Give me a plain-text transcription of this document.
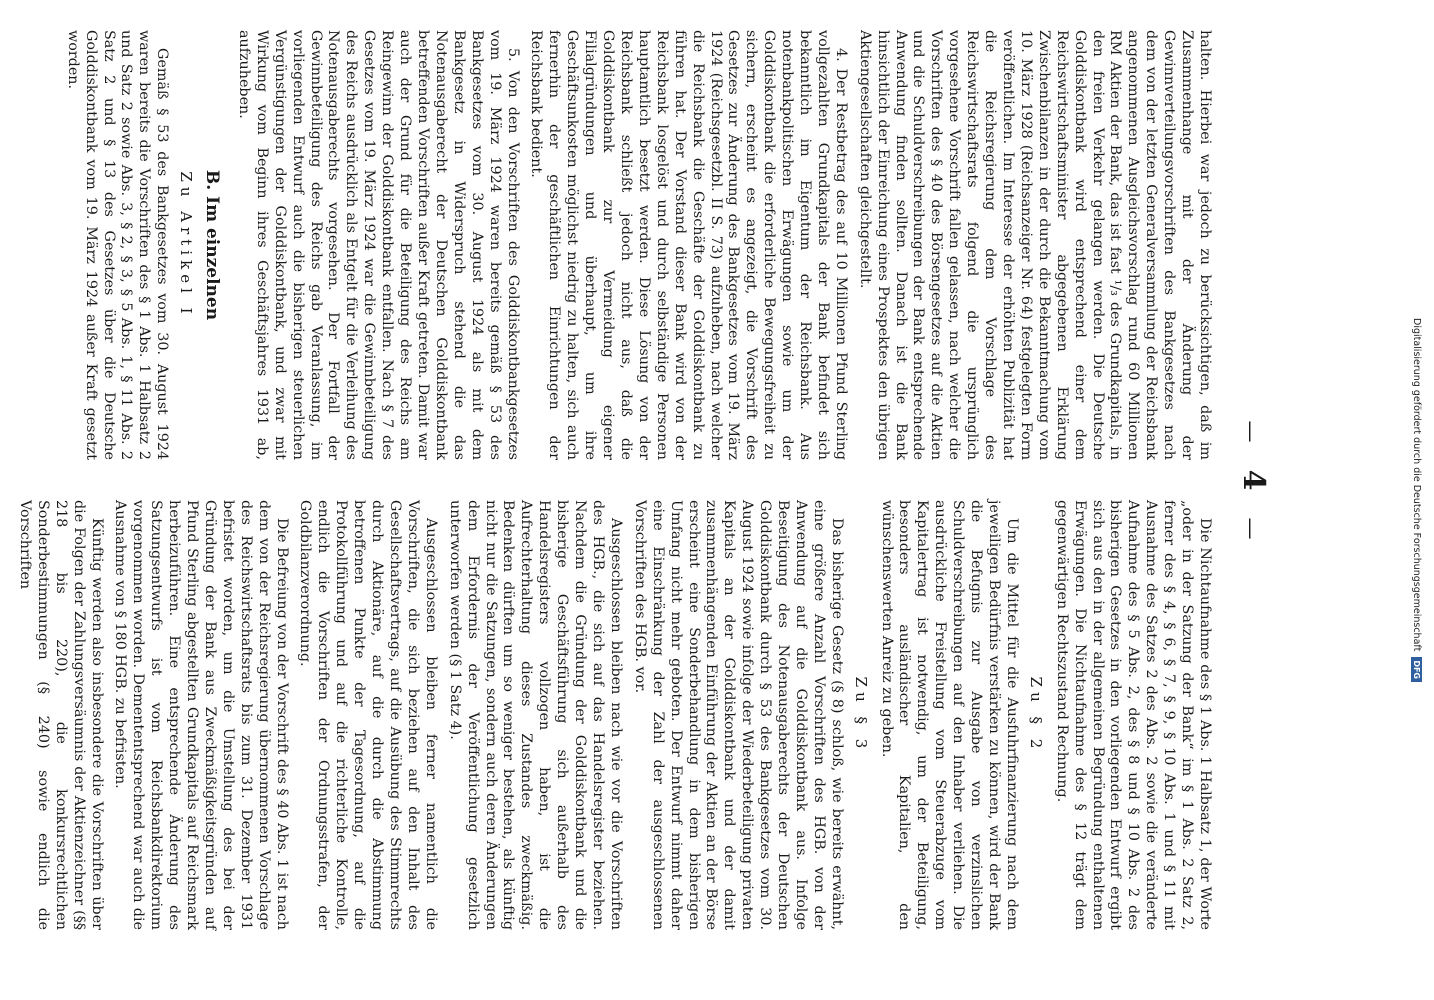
— 4 —

halten. Hierbei war jedoch zu berücksichtigen, daß im Zusammenhange mit der Änderung der Gewinnverteilungsvorschriften des Bankgesetzes nach dem von der letzten Generalversammlung der Reichsbank angenommenen Ausgleichsvorschlag rund 60 Millionen RM Aktien der Bank, das ist fast ¹/₃ des Grundkapitals, in den freien Verkehr gelangen werden. Die Deutsche Golddiskontbank wird entsprechend einer dem Reichswirtschaftsminister abgegebenen Erklärung Zwischenbilanzen in der durch die Bekanntmachung vom 10. März 1928 (Reichsanzeiger Nr. 64) festgelegten Form veröffentlichen. Im Interesse der erhöhten Publizität hat die Reichsregierung dem Vorschlage des Reichswirtschaftsrats folgend die ursprünglich vorgesehene Vorschrift fallen gelassen, nach welcher die Vorschriften des § 40 des Börsengesetzes auf die Aktien und die Schuldverschreibungen der Bank entsprechende Anwendung finden sollten. Danach ist die Bank hinsichtlich der Einreichung eines Prospektes den übrigen Aktiengesellschaften gleichgestellt.

4. Der Restbetrag des auf 10 Millionen Pfund Sterling vollgezahlten Grundkapitals der Bank befindet sich bekanntlich im Eigentum der Reichsbank. Aus notenbankpolitischen Erwägungen sowie um der Golddiskontbank die erforderliche Bewegungsfreiheit zu sichern, erscheint es angezeigt, die Vorschrift des Gesetzes zur Änderung des Bankgesetzes vom 19. März 1924 (Reichsgesetzbl. II S. 73) aufzuheben, nach welcher die Reichsbank die Geschäfte der Golddiskontbank zu führen hat. Der Vorstand dieser Bank wird von der Reichsbank losgelöst und durch selbständige Personen hauptamtlich besetzt werden. Diese Lösung von der Reichsbank schließt jedoch nicht aus, daß die Golddiskontbank zur Vermeidung eigener Filialgründungen und überhaupt, um ihre Geschäftsunkosten möglichst niedrig zu halten, sich auch fernerhin der geschäftlichen Einrichtungen der Reichsbank bedient.

5. Von den Vorschriften des Golddiskontbankgesetzes vom 19. März 1924 waren bereits gemäß § 53 des Bankgesetzes vom 30. August 1924 als mit dem Bankgesetz in Widerspruch stehend die das Notenausgaberecht der Deutschen Golddiskontbank betreffenden Vorschriften außer Kraft getreten. Damit war auch der Grund für die Beteiligung des Reichs am Reingewinn der Golddiskontbank entfallen. Nach § 7 des Gesetzes vom 19. März 1924 war die Gewinnbeteiligung des Reichs ausdrücklich als Entgelt für die Verleihung des Notenausgaberechts vorgesehen. Der Fortfall der Gewinnbeteiligung des Reichs gab Veranlassung, im vorliegenden Entwurf auch die bisherigen steuerlichen Vergünstigungen der Golddiskontbank, und zwar mit Wirkung vom Beginn ihres Geschäftsjahres 1931 ab, aufzuheben.

B. Im einzelnen
Zu Artikel I

Gemäß § 53 des Bankgesetzes vom 30. August 1924 waren bereits die Vorschriften des § 1 Abs. 1 Halbsatz 2 und Satz 2 sowie Abs. 3, § 2, § 3, § 5 Abs. 1, § 11 Abs. 2 Satz 2 und § 13 des Gesetzes über die Deutsche Golddiskontbank vom 19. März 1924 außer Kraft gesetzt worden.

Die Nichtaufnahme des § 1 Abs. 1 Halbsatz 1, der Worte „oder in der Satzung der Bank“ im § 1 Abs. 2 Satz 2, ferner des § 4, § 6, § 7, § 9, § 10 Abs. 1 und § 11 mit Ausnahme des Satzes 2 des Abs. 2 sowie die veränderte Aufnahme des § 5 Abs. 2, des § 8 und § 10 Abs. 2 des bisherigen Gesetzes in den vorliegenden Entwurf ergibt sich aus den in der allgemeinen Begründung enthaltenen Erwägungen. Die Nichtaufnahme des § 12 trägt dem gegenwärtigen Rechtszustand Rechnung.

Zu § 2

Um die Mittel für die Ausfuhrfinanzierung nach dem jeweiligen Bedürfnis verstärken zu können, wird der Bank die Befugnis zur Ausgabe von verzinslichen Schuldverschreibungen auf den Inhaber verliehen. Die ausdrückliche Freistellung vom Steuerabzuge vom Kapitalertrag ist notwendig, um der Beteiligung, besonders ausländischer Kapitalien, den wünschenswerten Anreiz zu geben.

Zu § 3

Das bisherige Gesetz (§ 8) schloß, wie bereits erwähnt, eine größere Anzahl Vorschriften des HGB. von der Anwendung auf die Golddiskontbank aus. Infolge Beseitigung des Notenausgaberechts der Deutschen Golddiskontbank durch § 53 des Bankgesetzes vom 30. August 1924 sowie infolge der Wiederbeteiligung privaten Kapitals an der Golddiskontbank und der damit zusammenhängenden Einführung der Aktien an der Börse erscheint eine Sonderbehandlung in dem bisherigen Umfang nicht mehr geboten. Der Entwurf nimmt daher eine Einschränkung der Zahl der ausgeschlossenen Vorschriften des HGB. vor.

Ausgeschlossen bleiben nach wie vor die Vorschriften des HGB., die sich auf das Handelsregister beziehen. Nachdem die Gründung der Golddiskontbank und die bisherige Geschäftsführung sich außerhalb des Handelsregisters vollzogen haben, ist die Aufrechterhaltung dieses Zustandes zweckmäßig. Bedenken dürften um so weniger bestehen, als künftig nicht nur die Satzungen, sondern auch deren Änderungen dem Erfordernis der Veröffentlichung gesetzlich unterworfen werden (§ 1 Satz 4).

Ausgeschlossen bleiben ferner namentlich die Vorschriften, die sich beziehen auf den Inhalt des Gesellschaftsvertrags, auf die Ausübung des Stimmrechts durch Aktionäre, auf die durch die Abstimmung betroffenen Punkte der Tagesordnung, auf die Protokollführung und auf die richterliche Kontrolle, endlich die Vorschriften der Ordnungsstrafen, der Goldbilanzverordnung.

Die Befreiung von der Vorschrift des § 40 Abs. 1 ist nach dem von der Reichsregierung übernommenen Vorschlage des Reichswirtschaftsrats bis zum 31. Dezember 1931 befristet worden, um die Umstellung des bei der Gründung der Bank aus Zweckmäßigkeitsgründen auf Pfund Sterling abgestellten Grundkapitals auf Reichsmark herbeizuführen. Eine entsprechende Änderung des Satzungsentwurfs ist vom Reichsbankdirektorium vorgenommen worden. Demententsprechend war auch die Ausnahme von § 180 HGB. zu befristen.

Künftig werden also insbesondere die Vorschriften über die Folgen der Zahlungsversäumnis der Aktienzeichner (§§ 218 bis 220), die konkursrechtlichen Sonderbestimmungen (§ 240) sowie endlich die Vorschriften	Digitalisierung gefördert durch die Deutsche Forschungsgemeinschaft
DFG
